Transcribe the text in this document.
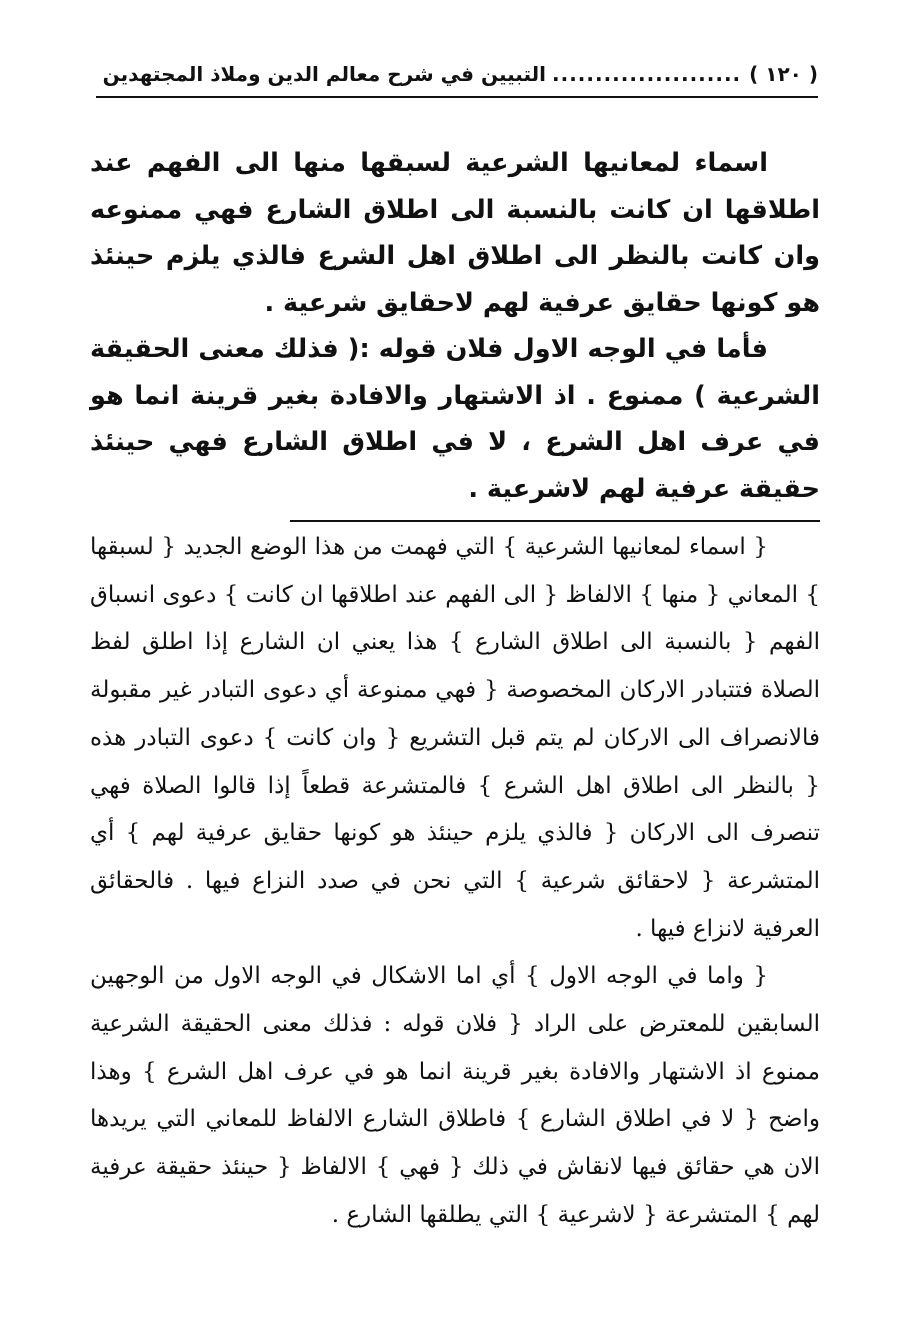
( ١٢٠ )
......................
التبيين في شرح معالم الدين وملاذ المجتهدين

اسماء لمعانيها الشرعية لسبقها منها الى الفهم عند اطلاقها ان كانت بالنسبة الى اطلاق الشارع فهي ممنوعه وان كانت بالنظر الى اطلاق اهل الشرع فالذي يلزم حينئذ هو كونها حقايق عرفية لهم لاحقايق شرعية .

فأما في الوجه الاول فلان قوله :( فذلك معنى الحقيقة الشرعية ) ممنوع . اذ الاشتهار والافادة بغير قرينة انما هو في عرف اهل الشرع ، لا في اطلاق الشارع فهي حينئذ حقيقة عرفية لهم لاشرعية .

{ اسماء لمعانيها الشرعية } التي فهمت من هذا الوضع الجديد { لسبقها } المعاني { منها } الالفاظ { الى الفهم عند اطلاقها ان كانت } دعوى انسباق الفهم { بالنسبة الى اطلاق الشارع } هذا يعني ان الشارع إذا اطلق لفظ الصلاة فتتبادر الاركان المخصوصة { فهي ممنوعة أي دعوى التبادر غير مقبولة فالانصراف الى الاركان لم يتم قبل التشريع { وان كانت } دعوى التبادر هذه { بالنظر الى اطلاق اهل الشرع } فالمتشرعة قطعاً إذا قالوا الصلاة فهي تنصرف الى الاركان { فالذي يلزم حينئذ هو كونها حقايق عرفية لهم } أي المتشرعة { لاحقائق شرعية } التي نحن في صدد النزاع فيها . فالحقائق العرفية لانزاع فيها .

{ واما في الوجه الاول } أي اما الاشكال في الوجه الاول من الوجهين السابقين للمعترض على الراد { فلان قوله : فذلك معنى الحقيقة الشرعية ممنوع اذ الاشتهار والافادة بغير قرينة انما هو في عرف اهل الشرع } وهذا واضح { لا في اطلاق الشارع } فاطلاق الشارع الالفاظ للمعاني التي يريدها الان هي حقائق فيها لانقاش في ذلك { فهي } الالفاظ { حينئذ حقيقة عرفية لهم } المتشرعة { لاشرعية } التي يطلقها الشارع .
